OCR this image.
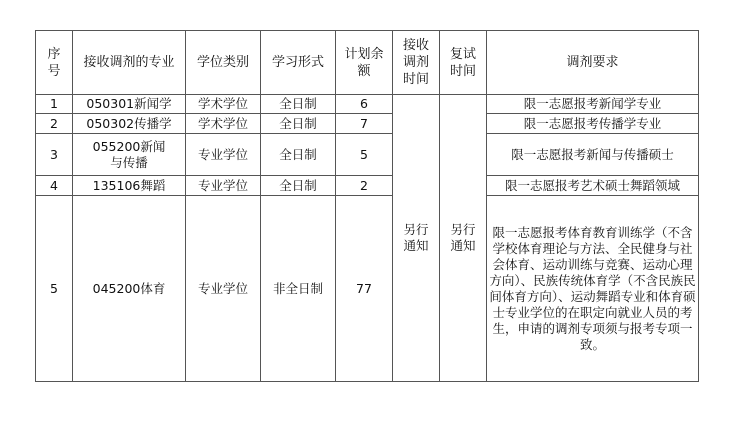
序号	接收调剂的专业	学位类别	学习形式	计划余额	接收调剂时间	复试时间	调剂要求
1	050301新闻学	学术学位	全日制	6	另行通知	另行通知	限一志愿报考新闻学专业
2	050302传播学	学术学位	全日制	7			限一志愿报考传播学专业
3	055200新闻与传播	专业学位	全日制	5			限一志愿报考新闻与传播硕士
4	135106舞蹈	专业学位	全日制	2			限一志愿报考艺术硕士舞蹈领域
5	045200体育	专业学位	非全日制	77			限一志愿报考体育教育训练学（不含学校体育理论与方法、全民健身与社会体育、运动训练与竞赛、运动心理方向）、民族传统体育学（不含民族民间体育方向）、运动舞蹈专业和体育硕士专业学位的在职定向就业人员的考生，申请的调剂专项须与报考专项一致。
